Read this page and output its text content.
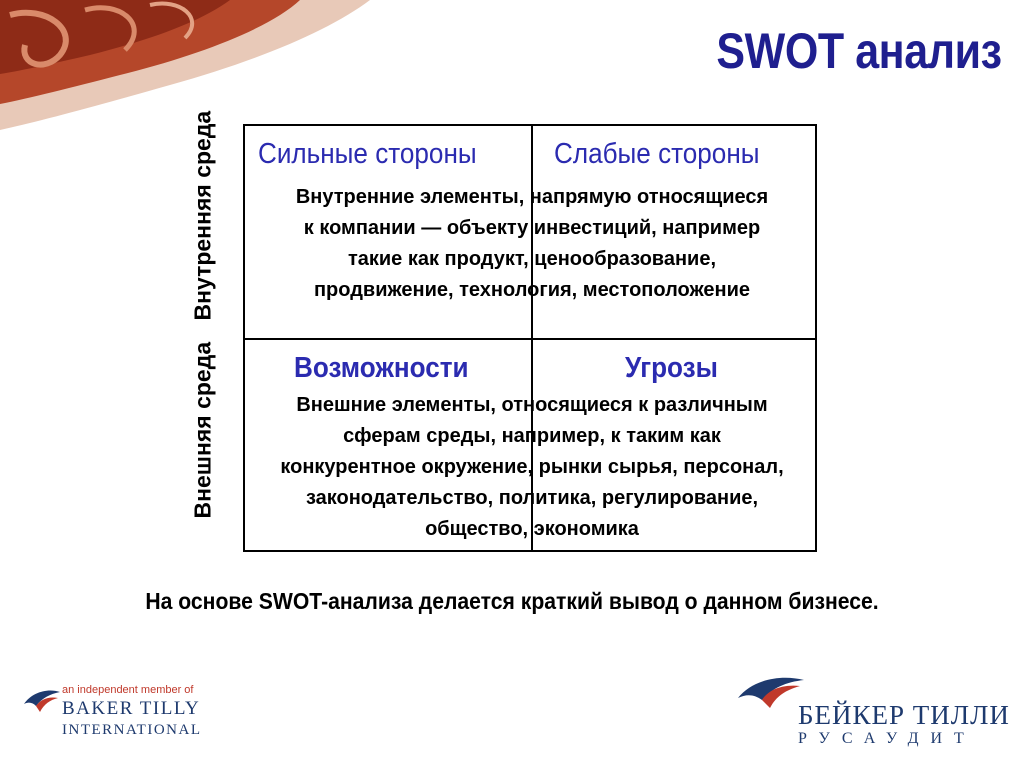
SWOT анализ
Внутренняя среда
Внешняя среда
Сильные стороны	Слабые стороны
Внутренние элементы, напрямую относящиеся
к компании — объекту инвестиций, например
такие как продукт, ценообразование,
продвижение, технология, местоположение
Возможности	Угрозы
Внешние элементы, относящиеся к различным
сферам среды, например, к таким как
конкурентное окружение, рынки сырья, персонал,
законодательство, политика, регулирование,
общество, экономика
На основе SWOT-анализа делается краткий вывод о данном бизнесе.
an independent member of
BAKER TILLY
INTERNATIONAL	БЕЙКЕР ТИЛЛИ
РУСАУДИТ
